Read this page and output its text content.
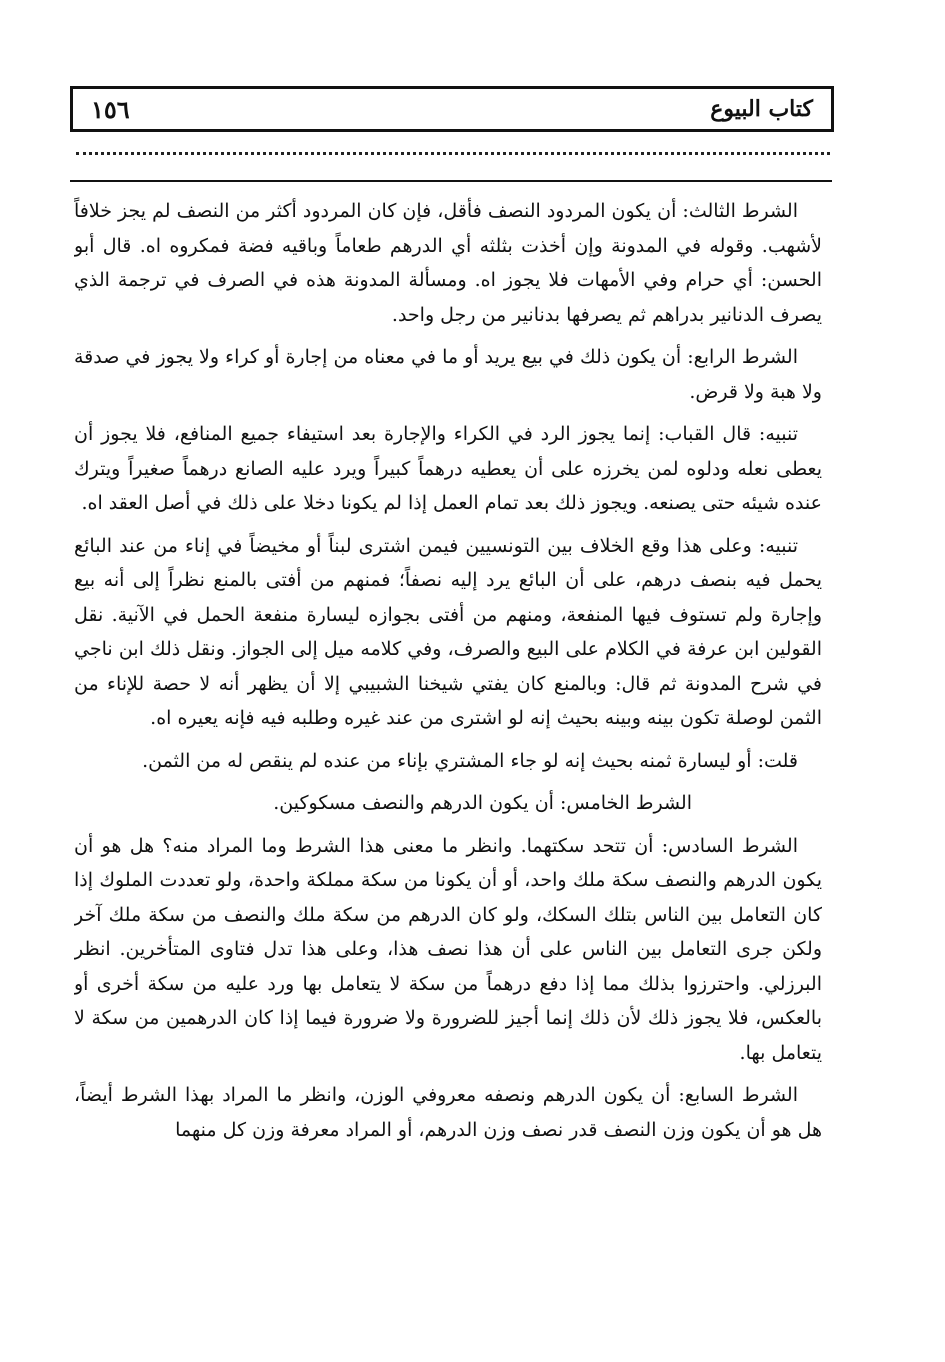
١٥٦	كتاب البيوع

الشرط الثالث: أن يكون المردود النصف فأقل، فإن كان المردود أكثر من النصف لم يجز خلافاً لأشهب. وقوله في المدونة وإن أخذت بثلثه أي الدرهم طعاماً وباقيه فضة فمكروه اه. قال أبو الحسن: أي حرام وفي الأمهات فلا يجوز اه. ومسألة المدونة هذه في الصرف في ترجمة الذي يصرف الدنانير بدراهم ثم يصرفها بدنانير من رجل واحد.

الشرط الرابع: أن يكون ذلك في بيع يريد أو ما في معناه من إجارة أو كراء ولا يجوز في صدقة ولا هبة ولا قرض.

تنبيه: قال القباب: إنما يجوز الرد في الكراء والإجارة بعد استيفاء جميع المنافع، فلا يجوز أن يعطى نعله ودلوه لمن يخرزه على أن يعطيه درهماً كبيراً ويرد عليه الصانع درهماً صغيراً ويترك عنده شيئه حتى يصنعه. ويجوز ذلك بعد تمام العمل إذا لم يكونا دخلا على ذلك في أصل العقد اه.

تنبيه: وعلى هذا وقع الخلاف بين التونسيين فيمن اشترى لبناً أو مخيضاً في إناء من عند البائع يحمل فيه بنصف درهم، على أن البائع يرد إليه نصفاً؛ فمنهم من أفتى بالمنع نظراً إلى أنه بيع وإجارة ولم تستوف فيها المنفعة، ومنهم من أفتى بجوازه ليسارة منفعة الحمل في الآنية. نقل القولين ابن عرفة في الكلام على البيع والصرف، وفي كلامه ميل إلى الجواز. ونقل ذلك ابن ناجي في شرح المدونة ثم قال: وبالمنع كان يفتي شيخنا الشبيبي إلا أن يظهر أنه لا حصة للإناء من الثمن لوصلة تكون بينه وبينه بحيث إنه لو اشترى من عند غيره وطلبه فيه فإنه يعيره اه.

قلت: أو ليسارة ثمنه بحيث إنه لو جاء المشتري بإناء من عنده لم ينقص له من الثمن.

الشرط الخامس: أن يكون الدرهم والنصف مسكوكين.

الشرط السادس: أن تتحد سكتهما. وانظر ما معنى هذا الشرط وما المراد منه؟ هل هو أن يكون الدرهم والنصف سكة ملك واحد، أو أن يكونا من سكة مملكة واحدة، ولو تعددت الملوك إذا كان التعامل بين الناس بتلك السكك، ولو كان الدرهم من سكة ملك والنصف من سكة ملك آخر ولكن جرى التعامل بين الناس على أن هذا نصف هذا، وعلى هذا تدل فتاوى المتأخرين. انظر البرزلي. واحترزوا بذلك مما إذا دفع درهماً من سكة لا يتعامل بها ورد عليه من سكة أخرى أو بالعكس، فلا يجوز ذلك لأن ذلك إنما أجيز للضرورة ولا ضرورة فيما إذا كان الدرهمين من سكة لا يتعامل بها.

الشرط السابع: أن يكون الدرهم ونصفه معروفي الوزن، وانظر ما المراد بهذا الشرط أيضاً، هل هو أن يكون وزن النصف قدر نصف وزن الدرهم، أو المراد معرفة وزن كل منهما
